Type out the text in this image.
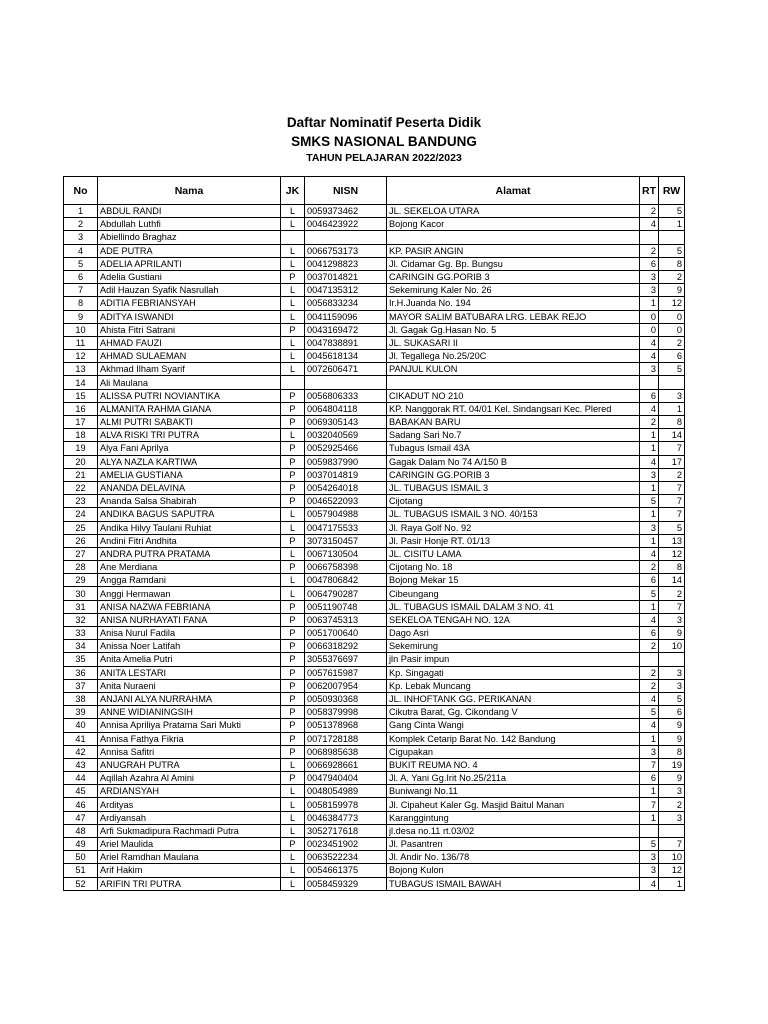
Daftar Nominatif Peserta Didik
SMKS NASIONAL BANDUNG
TAHUN PELAJARAN 2022/2023
No	Nama	JK	NISN	Alamat	RT	RW
1	ABDUL RANDI	L	0059373462	JL. SEKELOA UTARA	2	5
2	Abdullah Luthfi	L	0046423922	Bojong Kacor	4	1
3	Abiellindo Braghaz					
4	ADE PUTRA	L	0066753173	KP. PASIR ANGIN	2	5
5	ADELIA APRILANTI	L	0041298823	Jl. Cidamar Gg. Bp. Bungsu	6	8
6	Adelia Gustiani	P	0037014821	CARINGIN GG.PORIB 3	3	2
7	Adil Hauzan Syafik Nasrullah	L	0047135312	Sekemirung Kaler No. 26	3	9
8	ADITIA FEBRIANSYAH	L	0056833234	Ir.H.Juanda No. 194	1	12
9	ADITYA ISWANDI	L	0041159096	MAYOR SALIM BATUBARA LRG. LEBAK REJO	0	0
10	Ahista Fitri Satrani	P	0043169472	Jl. Gagak Gg.Hasan No. 5	0	0
11	AHMAD FAUZI	L	0047838891	JL. SUKASARI II	4	2
12	AHMAD SULAEMAN	L	0045618134	Jl. Tegallega No.25/20C	4	6
13	Akhmad Ilham Syarif	L	0072606471	PANJUL KULON	3	5
14	Ali Maulana					
15	ALISSA PUTRI NOVIANTIKA	P	0056806333	CIKADUT NO 210	6	3
16	ALMANITA RAHMA GIANA	P	0064804118	KP. Nanggorak RT. 04/01 Kel. Sindangsari Kec. Plered	4	1
17	ALMI PUTRI SABAKTI	P	0069305143	BABAKAN BARU	2	8
18	ALVA RISKI TRI PUTRA	L	0032040569	Sadang Sari No.7	1	14
19	Alya Fani Aprilya	P	0052925466	Tubagus Ismail 43A	1	7
20	ALYA NAZLA KARTIWA	P	0059837990	Gagak Dalam No 74 A/150 B	4	17
21	AMELIA GUSTIANA	P	0037014819	CARINGIN GG.PORIB 3	3	2
22	ANANDA DELAVINA	P	0054264018	JL. TUBAGUS ISMAIL 3	1	7
23	Ananda Salsa Shabirah	P	0046522093	Cijotang	5	7
24	ANDIKA BAGUS SAPUTRA	L	0057904988	JL. TUBAGUS ISMAIL 3 NO. 40/153	1	7
25	Andika Hilvy Taulani Ruhiat	L	0047175533	Jl. Raya Golf No. 92	3	5
26	Andini Fitri Andhita	P	3073150457	Jl. Pasir Honje RT. 01/13	1	13
27	ANDRA PUTRA PRATAMA	L	0067130504	JL. CISITU LAMA	4	12
28	Ane Merdiana	P	0066758398	Cijotang No. 18	2	8
29	Angga Ramdani	L	0047806842	Bojong Mekar 15	6	14
30	Anggi Hermawan	L	0064790287	Cibeungang	5	2
31	ANISA NAZWA FEBRIANA	P	0051190748	JL. TUBAGUS ISMAIL DALAM 3 NO. 41	1	7
32	ANISA NURHAYATI FANA	P	0063745313	SEKELOA TENGAH NO. 12A	4	3
33	Anisa Nurul Fadila	P	0051700640	Dago Asri	6	9
34	Anissa Noer Latifah	P	0066318292	Sekemirung	2	10
35	Anita Amelia Putri	P	3055376697	jln Pasir impun		
36	ANITA LESTARI	P	0057615987	Kp. Singagati	2	3
37	Anita Nuraeni	P	0062007954	Kp. Lebak Muncang	2	3
38	ANJANI ALYA NURRAHMA	P	0050930368	JL. INHOFTANK GG. PERIKANAN	4	5
39	ANNE WIDIANINGSIH	P	0058379998	Cikutra Barat, Gg. Cikondang V	5	6
40	Annisa Apriliya Pratama Sari Mukti	P	0051378968	Gang Cinta Wangi	4	9
41	Annisa Fathya Fikria	P	0071728188	Komplek Cetarip Barat No. 142 Bandung	1	9
42	Annisa Safitri	P	0068985638	Cigupakan	3	8
43	ANUGRAH PUTRA	L	0066928661	BUKIT REUMA NO. 4	7	19
44	Aqillah Azahra Al Amini	P	0047940404	Jl. A. Yani Gg.Irit No.25/211a	6	9
45	ARDIANSYAH	L	0048054989	Buniwangi No.11	1	3
46	Ardityas	L	0058159978	Jl. Cipaheut Kaler Gg. Masjid Baitul Manan	7	2
47	Ardiyansah	L	0046384773	Karanggintung	1	3
48	Arfi Sukmadipura Rachmadi Putra	L	3052717618	jl.desa no.11 rt.03/02		
49	Ariel Maulida	P	0023451902	Jl. Pasantren	5	7
50	Ariel Ramdhan Maulana	L	0063522234	Jl. Andir No. 136/78	3	10
51	Arif Hakim	L	0054661375	Bojong Kulon	3	12
52	ARIFIN TRI PUTRA	L	0058459329	TUBAGUS ISMAIL BAWAH	4	1
